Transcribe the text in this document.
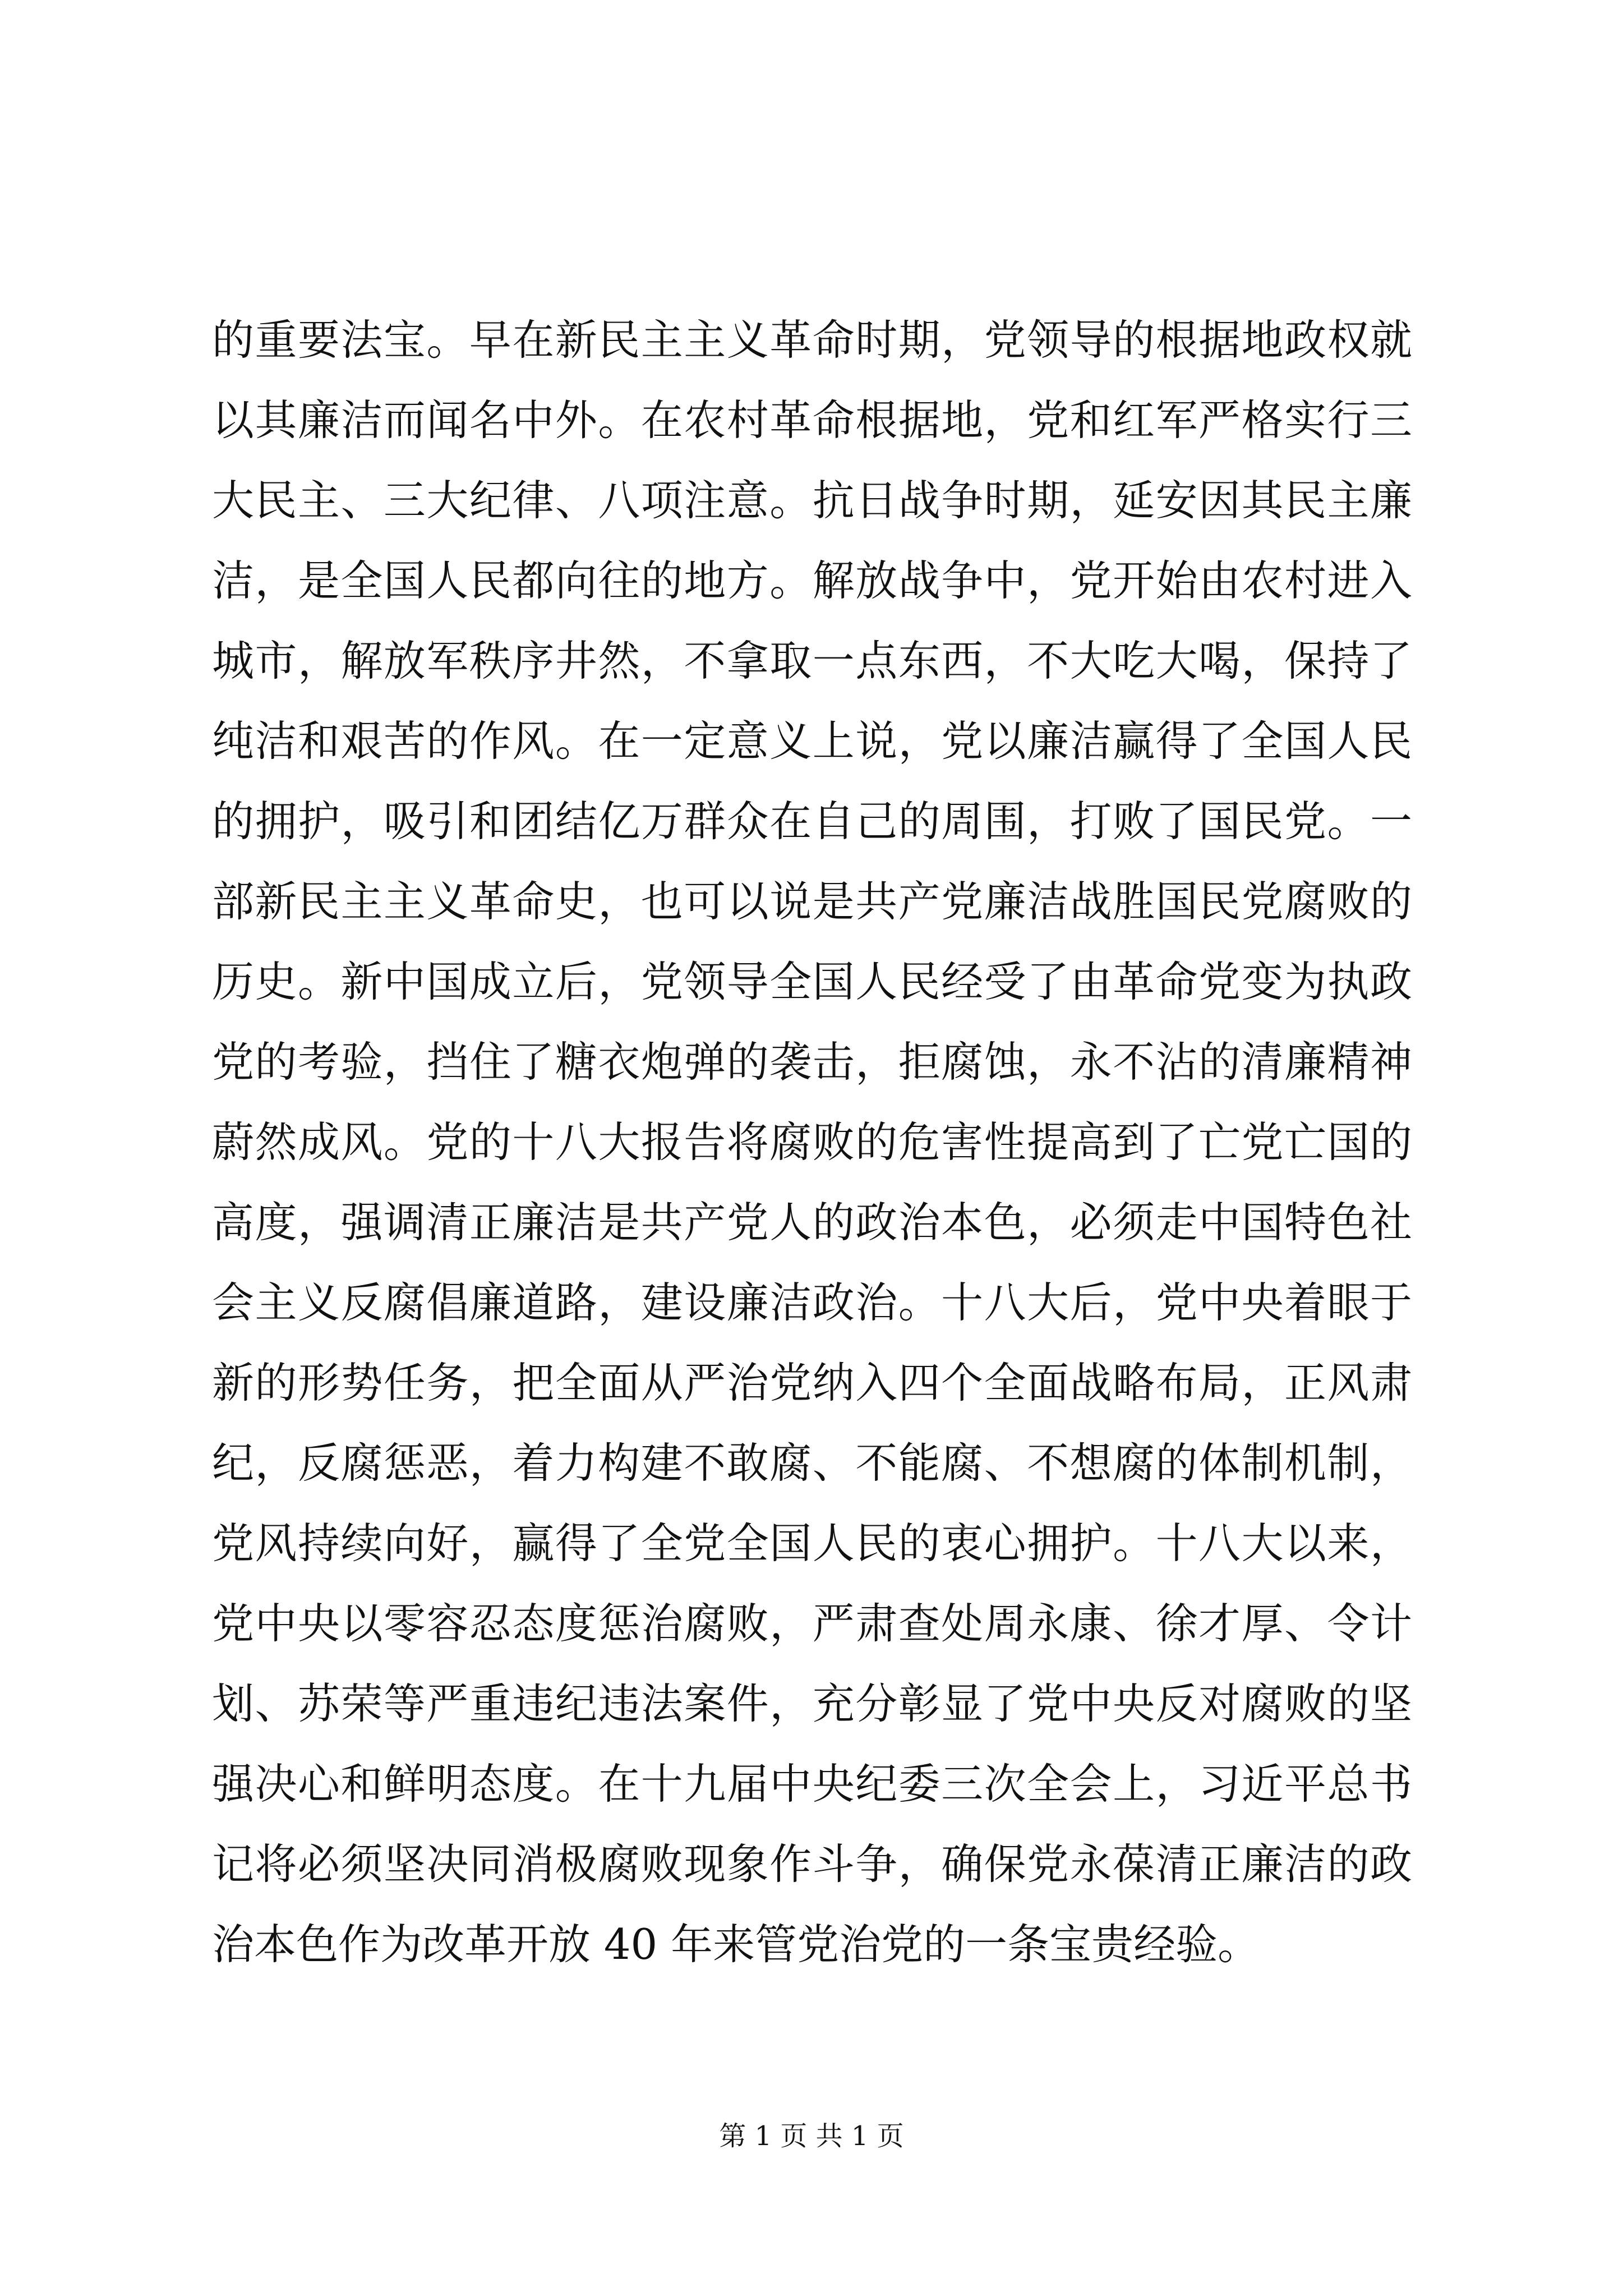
的重要法宝。早在新民主主义革命时期，党领导的根据地政权就
以其廉洁而闻名中外。在农村革命根据地，党和红军严格实行三
大民主、三大纪律、八项注意。抗日战争时期，延安因其民主廉
洁，是全国人民都向往的地方。解放战争中，党开始由农村进入
城市，解放军秩序井然，不拿取一点东西，不大吃大喝，保持了
纯洁和艰苦的作风。在一定意义上说，党以廉洁赢得了全国人民
的拥护，吸引和团结亿万群众在自己的周围，打败了国民党。一
部新民主主义革命史，也可以说是共产党廉洁战胜国民党腐败的
历史。新中国成立后，党领导全国人民经受了由革命党变为执政
党的考验，挡住了糖衣炮弹的袭击，拒腐蚀，永不沾的清廉精神
蔚然成风。党的十八大报告将腐败的危害性提高到了亡党亡国的
高度，强调清正廉洁是共产党人的政治本色，必须走中国特色社
会主义反腐倡廉道路，建设廉洁政治。十八大后，党中央着眼于
新的形势任务，把全面从严治党纳入四个全面战略布局，正风肃
纪，反腐惩恶，着力构建不敢腐、不能腐、不想腐的体制机制，
党风持续向好，赢得了全党全国人民的衷心拥护。十八大以来，
党中央以零容忍态度惩治腐败，严肃查处周永康、徐才厚、令计
划、苏荣等严重违纪违法案件，充分彰显了党中央反对腐败的坚
强决心和鲜明态度。在十九届中央纪委三次全会上，习近平总书
记将必须坚决同消极腐败现象作斗争，确保党永葆清正廉洁的政
治本色作为改革开放 40 年来管党治党的一条宝贵经验。
第 1 页 共 1 页
